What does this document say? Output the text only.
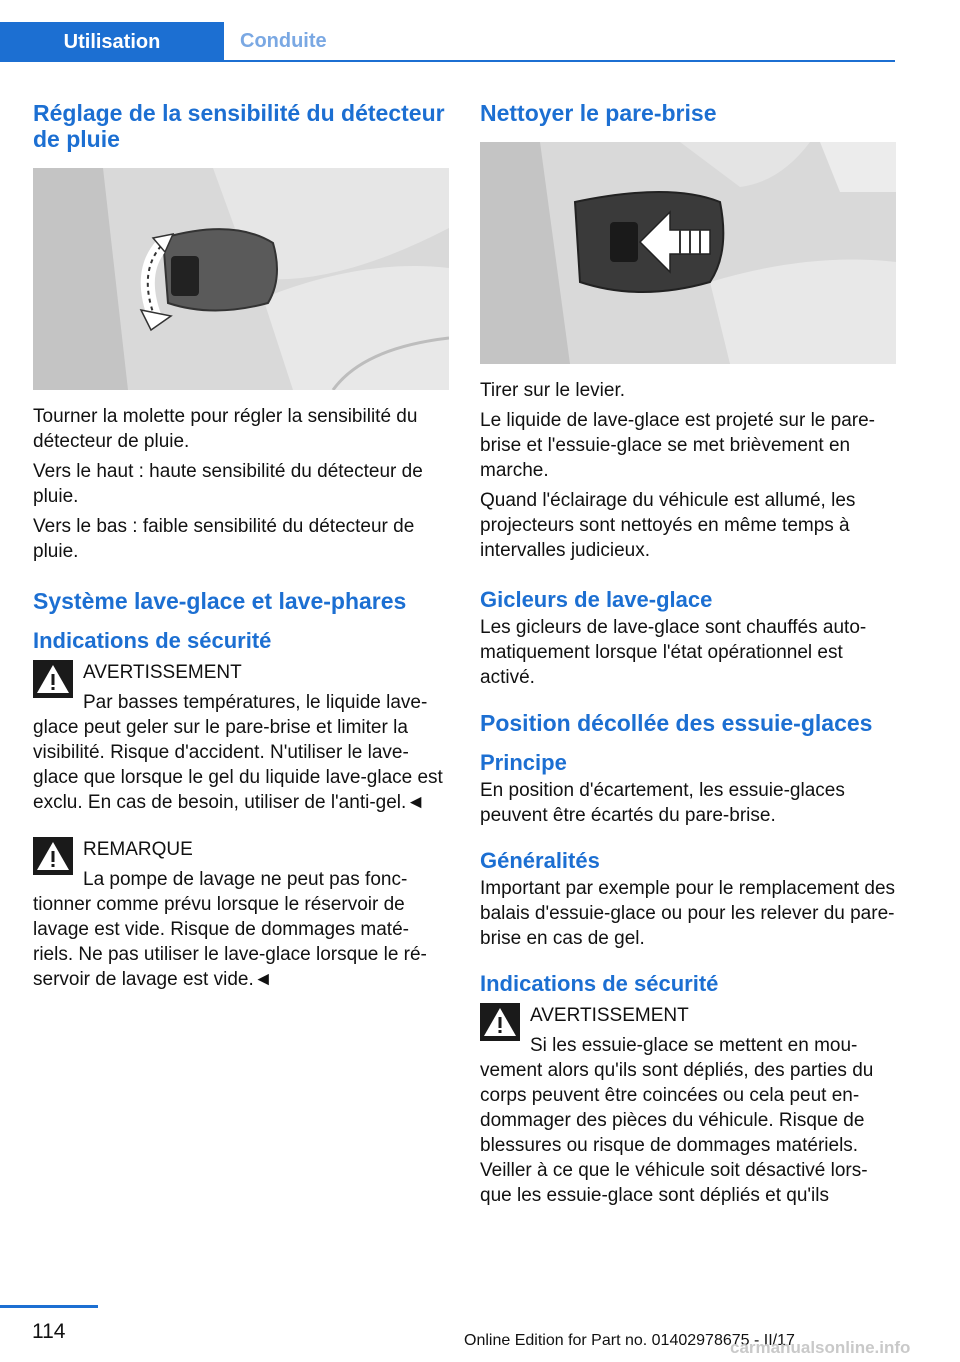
Utilisation	Conduite
Réglage de la sensibilité du détecteur de pluie

Tourner la molette pour régler la sensibilité du détecteur de pluie.

Vers le haut : haute sensibilité du détecteur de pluie.

Vers le bas : faible sensibilité du détecteur de pluie.

Système lave-glace et lave-phares
Indications de sécurité

AVERTISSEMENT

Par basses températures, le liquide lave-

glace peut geler sur le pare-brise et limiter la visibilité. Risque d'accident. N'utiliser le lave-glace que lorsque le gel du liquide lave-glace est exclu. En cas de besoin, utiliser de l'anti-gel.◄

REMARQUE

La pompe de lavage ne peut pas fonc-

tionner comme prévu lorsque le réservoir de lavage est vide. Risque de dommages maté-riels. Ne pas utiliser le lave-glace lorsque le ré-servoir de lavage est vide.◄

Nettoyer le pare-brise

Tirer sur le levier.

Le liquide de lave-glace est projeté sur le pare-brise et l'essuie-glace se met brièvement en marche.

Quand l'éclairage du véhicule est allumé, les projecteurs sont nettoyés en même temps à intervalles judicieux.

Gicleurs de lave-glace

Les gicleurs de lave-glace sont chauffés auto-matiquement lorsque l'état opérationnel est activé.

Position décollée des essuie-glaces
Principe

En position d'écartement, les essuie-glaces peuvent être écartés du pare-brise.

Généralités

Important par exemple pour le remplacement des balais d'essuie-glace ou pour les relever du pare-brise en cas de gel.

Indications de sécurité

AVERTISSEMENT

Si les essuie-glace se mettent en mou-

vement alors qu'ils sont dépliés, des parties du corps peuvent être coincées ou cela peut en-dommager des pièces du véhicule. Risque de blessures ou risque de dommages matériels. Veiller à ce que le véhicule soit désactivé lors-que les essuie-glace sont dépliés et qu'ils

114	Online Edition for Part no. 01402978675 - II/17
carmanualsonline.info
